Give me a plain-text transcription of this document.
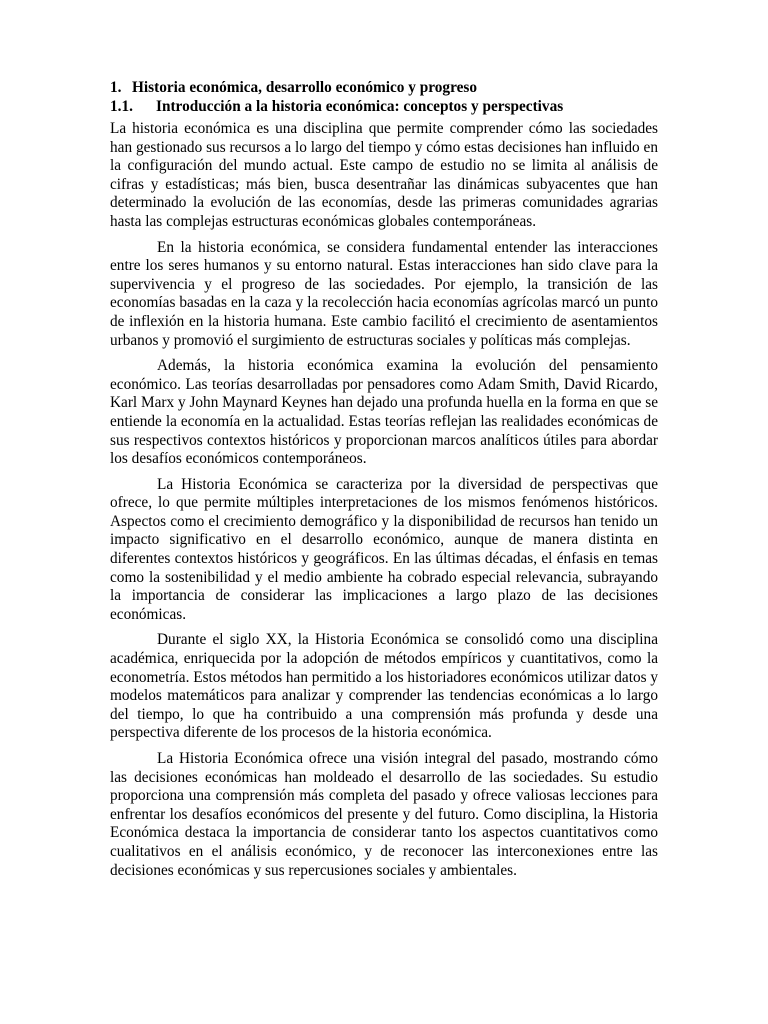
1. Historia económica, desarrollo económico y progreso
1.1. Introducción a la historia económica: conceptos y perspectivas

La historia económica es una disciplina que permite comprender cómo las sociedades han gestionado sus recursos a lo largo del tiempo y cómo estas decisiones han influido en la configuración del mundo actual. Este campo de estudio no se limita al análisis de cifras y estadísticas; más bien, busca desentrañar las dinámicas subyacentes que han determinado la evolución de las economías, desde las primeras comunidades agrarias hasta las complejas estructuras económicas globales contemporáneas.

En la historia económica, se considera fundamental entender las interacciones entre los seres humanos y su entorno natural. Estas interacciones han sido clave para la supervivencia y el progreso de las sociedades. Por ejemplo, la transición de las economías basadas en la caza y la recolección hacia economías agrícolas marcó un punto de inflexión en la historia humana. Este cambio facilitó el crecimiento de asentamientos urbanos y promovió el surgimiento de estructuras sociales y políticas más complejas.

Además, la historia económica examina la evolución del pensamiento económico. Las teorías desarrolladas por pensadores como Adam Smith, David Ricardo, Karl Marx y John Maynard Keynes han dejado una profunda huella en la forma en que se entiende la economía en la actualidad. Estas teorías reflejan las realidades económicas de sus respectivos contextos históricos y proporcionan marcos analíticos útiles para abordar los desafíos económicos contemporáneos.

La Historia Económica se caracteriza por la diversidad de perspectivas que ofrece, lo que permite múltiples interpretaciones de los mismos fenómenos históricos. Aspectos como el crecimiento demográfico y la disponibilidad de recursos han tenido un impacto significativo en el desarrollo económico, aunque de manera distinta en diferentes contextos históricos y geográficos. En las últimas décadas, el énfasis en temas como la sostenibilidad y el medio ambiente ha cobrado especial relevancia, subrayando la importancia de considerar las implicaciones a largo plazo de las decisiones económicas.

Durante el siglo XX, la Historia Económica se consolidó como una disciplina académica, enriquecida por la adopción de métodos empíricos y cuantitativos, como la econometría. Estos métodos han permitido a los historiadores económicos utilizar datos y modelos matemáticos para analizar y comprender las tendencias económicas a lo largo del tiempo, lo que ha contribuido a una comprensión más profunda y desde una perspectiva diferente de los procesos de la historia económica.

La Historia Económica ofrece una visión integral del pasado, mostrando cómo las decisiones económicas han moldeado el desarrollo de las sociedades. Su estudio proporciona una comprensión más completa del pasado y ofrece valiosas lecciones para enfrentar los desafíos económicos del presente y del futuro. Como disciplina, la Historia Económica destaca la importancia de considerar tanto los aspectos cuantitativos como cualitativos en el análisis económico, y de reconocer las interconexiones entre las decisiones económicas y sus repercusiones sociales y ambientales.
